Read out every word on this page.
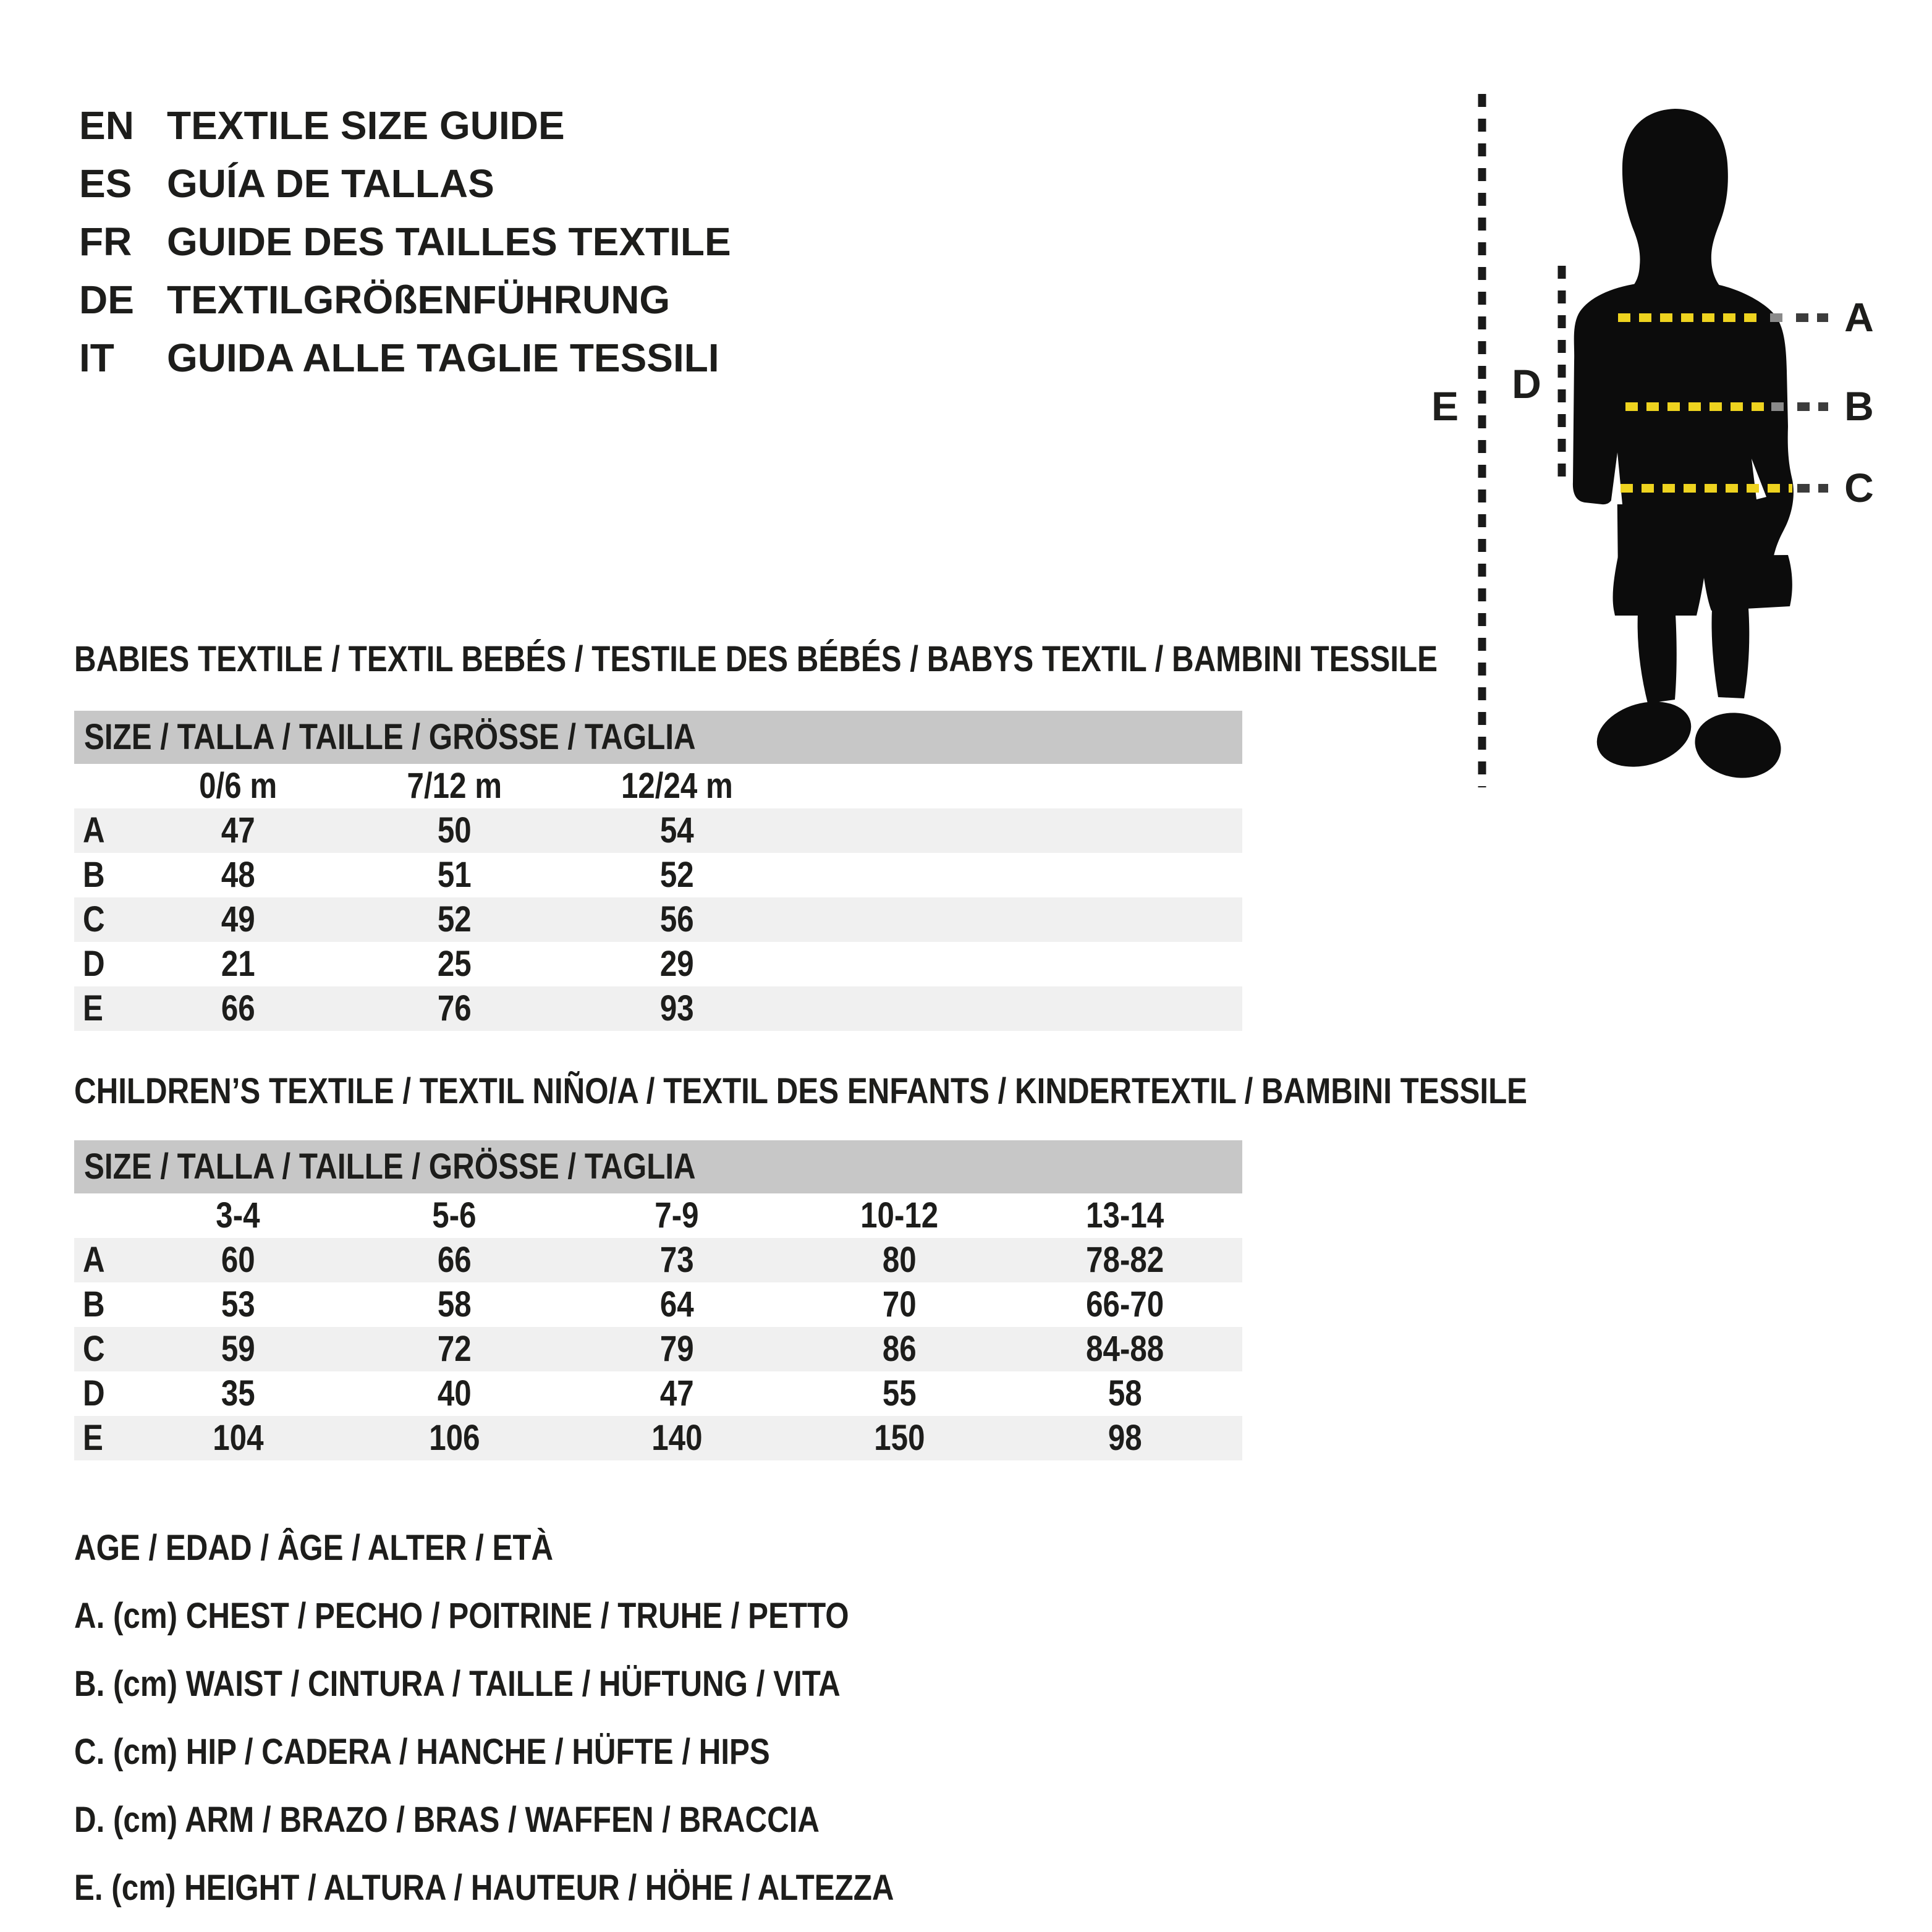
EN TEXTILE SIZE GUIDE
ES GUÍA DE TALLAS
FR GUIDE DES TAILLES TEXTILE
DE TEXTILGRÖßENFÜHRUNG
IT	GUIDA ALLE TAGLIE TESSILI
E	D
A
B
C
BABIES TEXTILE / TEXTIL BEBÉS / TESTILE DES BÉBÉS / BABYS TEXTIL / BAMBINI TESSILE
SIZE / TALLA / TAILLE / GRÖSSE / TAGLIA
0/6 m	7/12 m	12/24 m
A	47	50	54
B	48	51	52
C	49	52	56
D	21	25	29
E	66	76	93
CHILDREN’S TEXTILE / TEXTIL NIÑO/A / TEXTIL DES ENFANTS / KINDERTEXTIL / BAMBINI TESSILE
SIZE / TALLA / TAILLE / GRÖSSE / TAGLIA
3-4	5-6	7-9	10-12	13-14
A	60	66	73	80	78-82
B	53	58	64	70	66-70
C	59	72	79	86	84-88
D	35	40	47	55	58
E	104	106	140	150	98
AGE / EDAD / ÂGE / ALTER / ETÀ
A. (cm) CHEST / PECHO / POITRINE / TRUHE / PETTO
B. (cm) WAIST / CINTURA / TAILLE / HÜFTUNG / VITA
C. (cm) HIP / CADERA / HANCHE / HÜFTE / HIPS
D. (cm) ARM / BRAZO / BRAS / WAFFEN / BRACCIA
E. (cm) HEIGHT / ALTURA / HAUTEUR / HÖHE / ALTEZZA
